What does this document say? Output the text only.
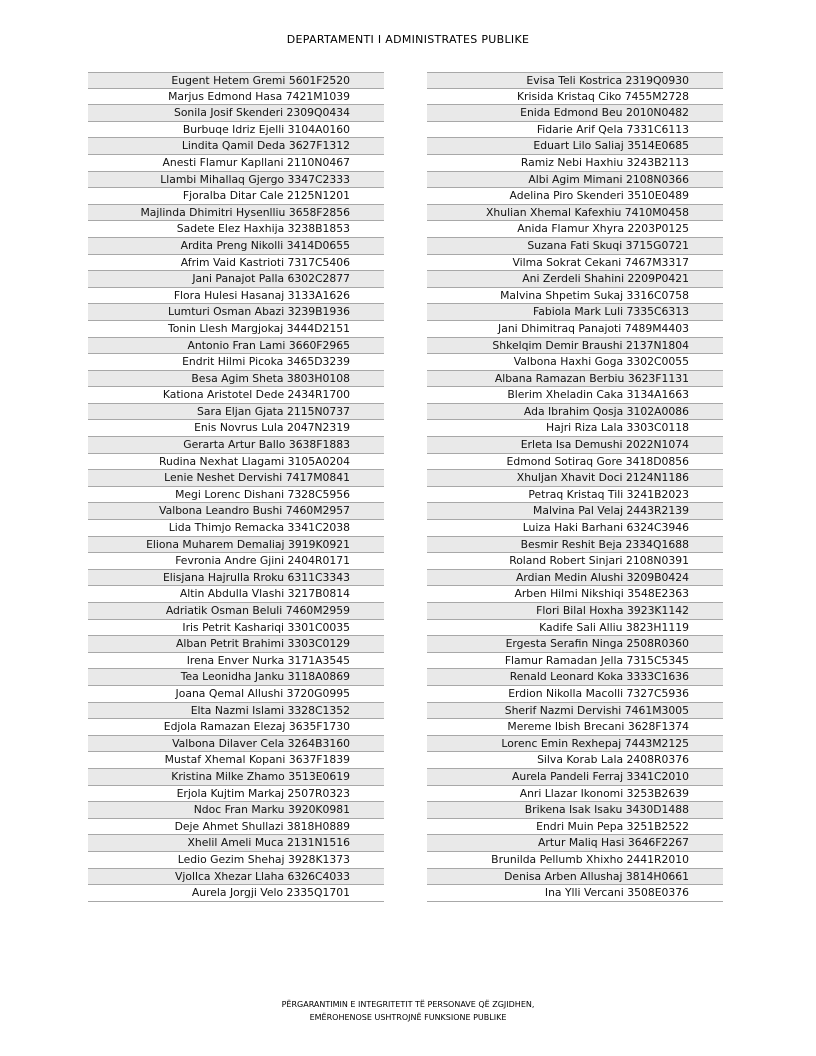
DEPARTAMENTI I ADMINISTRATES PUBLIKE
Eugent Hetem Gremi 5601F2520
Marjus Edmond Hasa 7421M1039
Sonila Josif Skenderi 2309Q0434
Burbuqe Idriz Ejelli 3104A0160
Lindita Qamil Deda 3627F1312
Anesti Flamur Kapllani 2110N0467
Llambi Mihallaq Gjergo 3347C2333
Fjoralba Ditar Cale 2125N1201
Majlinda Dhimitri Hysenlliu 3658F2856
Sadete Elez Haxhija 3238B1853
Ardita Preng Nikolli 3414D0655
Afrim Vaid Kastrioti 7317C5406
Jani Panajot Palla 6302C2877
Flora Hulesi Hasanaj 3133A1626
Lumturi Osman Abazi 3239B1936
Tonin Llesh Margjokaj 3444D2151
Antonio Fran Lami 3660F2965
Endrit Hilmi Picoka 3465D3239
Besa Agim Sheta 3803H0108
Kationa Aristotel Dede 2434R1700
Sara Eljan Gjata 2115N0737
Enis Novrus Lula 2047N2319
Gerarta Artur Ballo 3638F1883
Rudina Nexhat Llagami 3105A0204
Lenie Neshet Dervishi 7417M0841
Megi Lorenc Dishani 7328C5956
Valbona Leandro Bushi 7460M2957
Lida Thimjo Remacka 3341C2038
Eliona Muharem Demaliaj 3919K0921
Fevronia Andre Gjini 2404R0171
Elisjana Hajrulla Rroku 6311C3343
Altin Abdulla Vlashi 3217B0814
Adriatik Osman Beluli 7460M2959
Iris Petrit Kashariqi 3301C0035
Alban Petrit Brahimi 3303C0129
Irena Enver Nurka 3171A3545
Tea Leonidha Janku 3118A0869
Joana Qemal Allushi 3720G0995
Elta Nazmi Islami 3328C1352
Edjola Ramazan Elezaj 3635F1730
Valbona Dilaver Cela 3264B3160
Mustaf Xhemal Kopani 3637F1839
Kristina Milke Zhamo 3513E0619
Erjola Kujtim Markaj 2507R0323
Ndoc Fran Marku 3920K0981
Deje Ahmet Shullazi 3818H0889
Xhelil Ameli Muca 2131N1516
Ledio Gezim Shehaj 3928K1373
Vjollca Xhezar Llaha 6326C4033
Aurela Jorgji Velo 2335Q1701
Evisa Teli Kostrica 2319Q0930
Krisida Kristaq Ciko 7455M2728
Enida Edmond Beu 2010N0482
Fidarie Arif Qela 7331C6113
Eduart Lilo Saliaj 3514E0685
Ramiz Nebi Haxhiu 3243B2113
Albi Agim Mimani 2108N0366
Adelina Piro Skenderi 3510E0489
Xhulian Xhemal Kafexhiu 7410M0458
Anida Flamur Xhyra 2203P0125
Suzana Fati Skuqi 3715G0721
Vilma Sokrat Cekani 7467M3317
Ani Zerdeli Shahini 2209P0421
Malvina Shpetim Sukaj 3316C0758
Fabiola Mark Luli 7335C6313
Jani Dhimitraq Panajoti 7489M4403
Shkelqim Demir Braushi 2137N1804
Valbona Haxhi Goga 3302C0055
Albana Ramazan Berbiu 3623F1131
Blerim Xheladin Caka 3134A1663
Ada Ibrahim Qosja 3102A0086
Hajri Riza Lala 3303C0118
Erleta Isa Demushi 2022N1074
Edmond Sotiraq Gore 3418D0856
Xhuljan Xhavit Doci 2124N1186
Petraq Kristaq Tili 3241B2023
Malvina Pal Velaj 2443R2139
Luiza Haki Barhani 6324C3946
Besmir Reshit Beja 2334Q1688
Roland Robert Sinjari 2108N0391
Ardian Medin Alushi 3209B0424
Arben Hilmi Nikshiqi 3548E2363
Flori Bilal Hoxha 3923K1142
Kadife Sali Alliu 3823H1119
Ergesta Serafin Ninga 2508R0360
Flamur Ramadan Jella 7315C5345
Renald Leonard Koka 3333C1636
Erdion Nikolla Macolli 7327C5936
Sherif Nazmi Dervishi 7461M3005
Mereme Ibish Brecani 3628F1374
Lorenc Emin Rexhepaj 7443M2125
Silva Korab Lala 2408R0376
Aurela Pandeli Ferraj 3341C2010
Anri Llazar Ikonomi 3253B2639
Brikena Isak Isaku 3430D1488
Endri Muin Pepa 3251B2522
Artur Maliq Hasi 3646F2267
Brunilda Pellumb Xhixho 2441R2010
Denisa Arben Allushaj 3814H0661
Ina Ylli Vercani 3508E0376
PËRGARANTIMIN E INTEGRITETIT TË PERSONAVE QË ZGJIDHEN,
EMËROHENOSE USHTROJNË FUNKSIONE PUBLIKE
